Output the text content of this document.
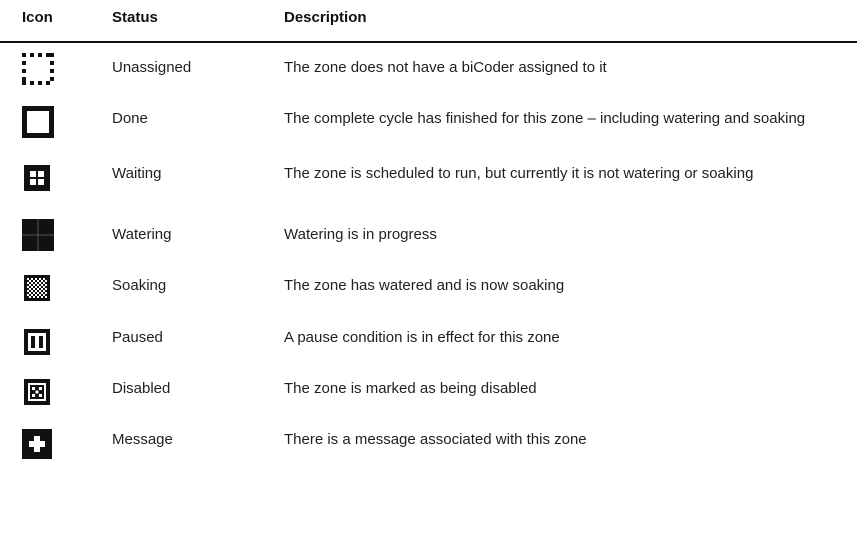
Icon	Status	Description
Unassigned	The zone does not have a biCoder assigned to it
Done	The complete cycle has finished for this zone – including watering and soaking
Waiting	The zone is scheduled to run, but currently it is not watering or soaking
Watering	Watering is in progress
Soaking	The zone has watered and is now soaking
Paused	A pause condition is in effect for this zone
Disabled	The zone is marked as being disabled
Message	There is a message associated with this zone
